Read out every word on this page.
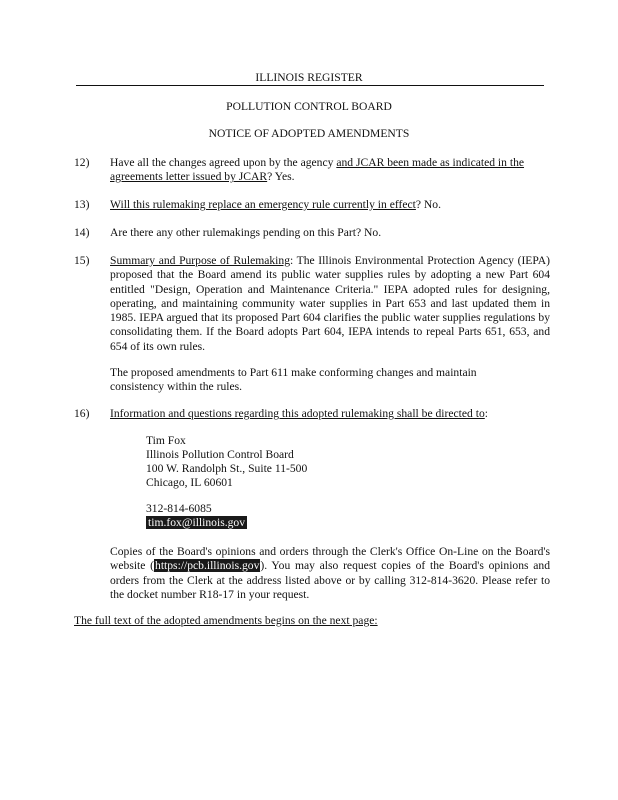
ILLINOIS REGISTER
POLLUTION CONTROL BOARD
NOTICE OF ADOPTED AMENDMENTS
12) Have all the changes agreed upon by the agency and JCAR been made as indicated in the agreements letter issued by JCAR? Yes.
13) Will this rulemaking replace an emergency rule currently in effect? No.
14) Are there any other rulemakings pending on this Part? No.
15) Summary and Purpose of Rulemaking: The Illinois Environmental Protection Agency (IEPA) proposed that the Board amend its public water supplies rules by adopting a new Part 604 entitled "Design, Operation and Maintenance Criteria." IEPA adopted rules for designing, operating, and maintaining community water supplies in Part 653 and last updated them in 1985. IEPA argued that its proposed Part 604 clarifies the public water supplies regulations by consolidating them. If the Board adopts Part 604, IEPA intends to repeal Parts 651, 653, and 654 of its own rules.
The proposed amendments to Part 611 make conforming changes and maintain consistency within the rules.
16) Information and questions regarding this adopted rulemaking shall be directed to:
Tim Fox
Illinois Pollution Control Board
100 W. Randolph St., Suite 11-500
Chicago, IL 60601
312-814-6085
tim.fox@illinois.gov
Copies of the Board's opinions and orders through the Clerk's Office On-Line on the Board's website (https://pcb.illinois.gov). You may also request copies of the Board's opinions and orders from the Clerk at the address listed above or by calling 312-814-3620. Please refer to the docket number R18-17 in your request.
The full text of the adopted amendments begins on the next page:
